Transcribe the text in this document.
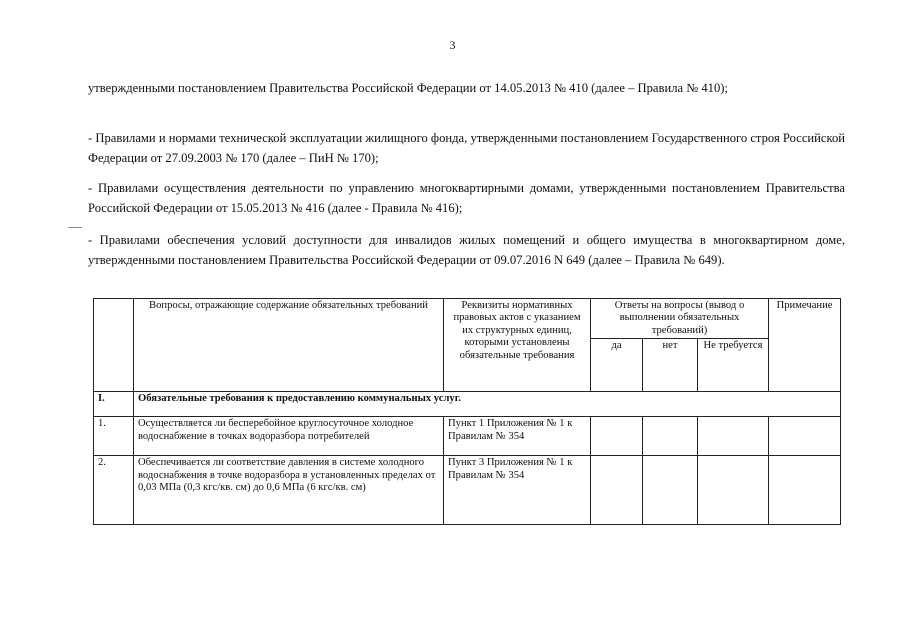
3
утвержденными постановлением Правительства Российской Федерации от 14.05.2013 № 410 (далее – Правила № 410);
- Правилами и нормами технической эксплуатации жилищного фонда, утвержденными постановлением Государственного строя Российской Федерации от 27.09.2003 № 170 (далее – ПиН № 170);
- Правилами осуществления деятельности по управлению многоквартирными домами, утвержденными постановлением Правительства Российской Федерации от 15.05.2013 № 416 (далее - Правила № 416);
- Правилами обеспечения условий доступности для инвалидов жилых помещений и общего имущества в многоквартирном доме, утвержденными постановлением Правительства Российской Федерации от 09.07.2016 N 649 (далее – Правила № 649).
	Вопросы, отражающие содержание обязательных требований	Реквизиты нормативных правовых актов с указанием их структурных единиц, которыми установлены обязательные требования	Ответы на вопросы (вывод о выполнении обязательных требований)			Примечание
			да	нет	Не требуется	
I.	Обязательные требования к предоставлению коммунальных услуг.					
1.	Осуществляется ли бесперебойное круглосуточное холодное водоснабжение в точках водоразбора потребителей	Пункт 1 Приложения № 1 к Правилам № 354				
2.	Обеспечивается ли соответствие давления в системе холодного водоснабжения в точке водоразбора в установленных пределах от 0,03 МПа (0,3 кгс/кв. см) до 0,6 МПа (6 кгс/кв. см)	Пункт 3 Приложения № 1 к Правилам № 354				
